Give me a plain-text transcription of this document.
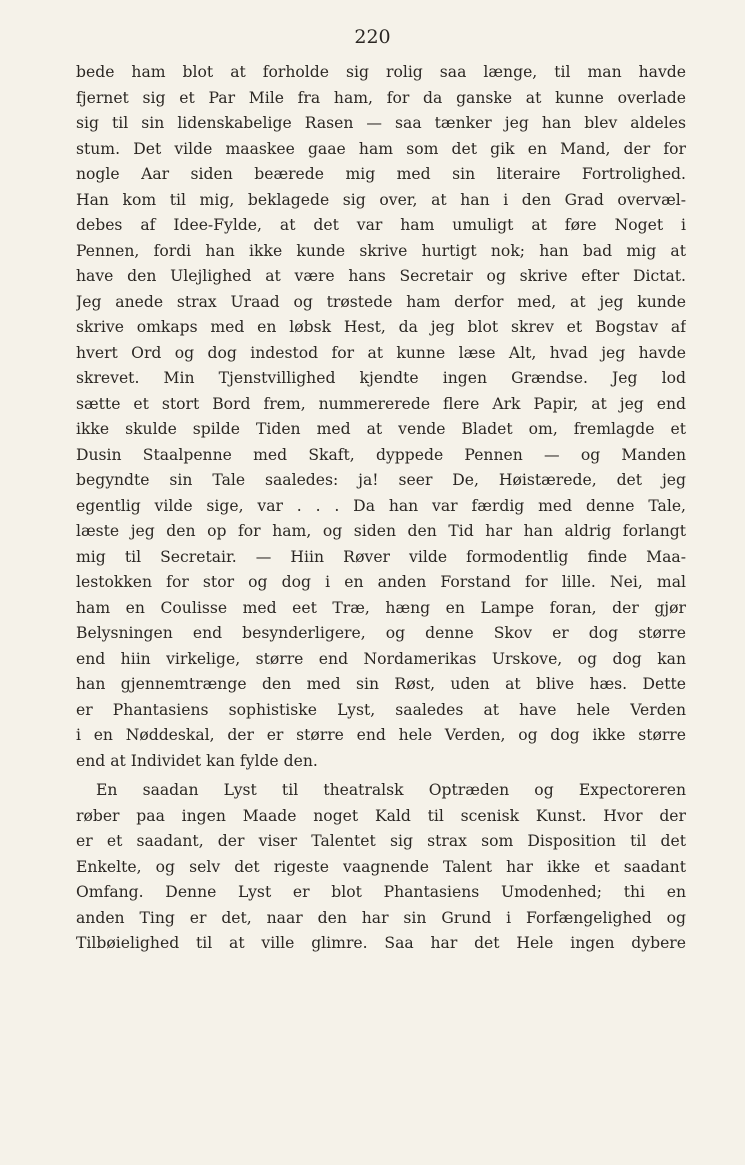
220
bede ham blot at forholde sig rolig saa længe, til man havde
fjernet sig et Par Mile fra ham, for da ganske at kunne overlade
sig til sin lidenskabelige Rasen — saa tænker jeg han blev aldeles
stum. Det vilde maaskee gaae ham som det gik en Mand, der for
nogle Aar siden beærede mig med sin literaire Fortrolighed.
Han kom til mig, beklagede sig over, at han i den Grad overvæl-
debes af Idee-Fylde, at det var ham umuligt at føre Noget i
Pennen, fordi han ikke kunde skrive hurtigt nok; han bad mig at
have den Ulejlighed at være hans Secretair og skrive efter Dictat.
Jeg anede strax Uraad og trøstede ham derfor med, at jeg kunde
skrive omkaps med en løbsk Hest, da jeg blot skrev et Bogstav af
hvert Ord og dog indestod for at kunne læse Alt, hvad jeg havde
skrevet. Min Tjenstvillighed kjendte ingen Grændse. Jeg lod
sætte et stort Bord frem, nummererede flere Ark Papir, at jeg end
ikke skulde spilde Tiden med at vende Bladet om, fremlagde et
Dusin Staalpenne med Skaft, dyppede Pennen — og Manden
begyndte sin Tale saaledes: ja! seer De, Høistærede, det jeg
egentlig vilde sige, var . . . Da han var færdig med denne Tale,
læste jeg den op for ham, og siden den Tid har han aldrig forlangt
mig til Secretair. — Hiin Røver vilde formodentlig finde Maa-
lestokken for stor og dog i en anden Forstand for lille. Nei, mal
ham en Coulisse med eet Træ, hæng en Lampe foran, der gjør
Belysningen end besynderligere, og denne Skov er dog større
end hiin virkelige, større end Nordamerikas Urskove, og dog kan
han gjennemtrænge den med sin Røst, uden at blive hæs. Dette
er Phantasiens sophistiske Lyst, saaledes at have hele Verden
i en Nøddeskal, der er større end hele Verden, og dog ikke større
end at Individet kan fylde den.
En saadan Lyst til theatralsk Optræden og Expectoreren
røber paa ingen Maade noget Kald til scenisk Kunst. Hvor der
er et saadant, der viser Talentet sig strax som Disposition til det
Enkelte, og selv det rigeste vaagnende Talent har ikke et saadant
Omfang. Denne Lyst er blot Phantasiens Umodenhed; thi en
anden Ting er det, naar den har sin Grund i Forfængelighed og
Tilbøielighed til at ville glimre. Saa har det Hele ingen dybere
